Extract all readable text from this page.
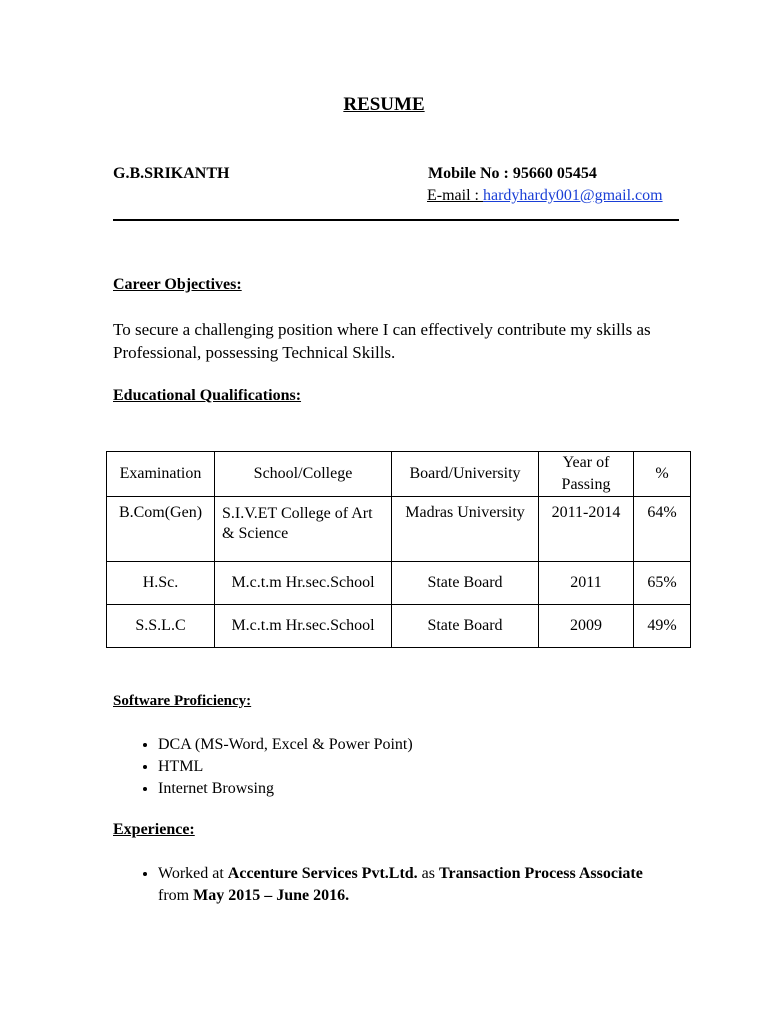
RESUME
G.B.SRIKANTH	Mobile No : 95660 05454
E-mail : hardyhardy001@gmail.com
Career Objectives:
To secure a challenging position where I can effectively contribute my skills as Professional, possessing Technical Skills.
Educational Qualifications:
Examination	School/College	Board/University	Year of Passing	%
B.Com(Gen)	S.I.V.ET College of Art & Science	Madras University	2011-2014	64%
H.Sc.	M.c.t.m Hr.sec.School	State Board	2011	65%
S.S.L.C	M.c.t.m Hr.sec.School	State Board	2009	49%
Software Proficiency:
• DCA (MS-Word, Excel & Power Point)
• HTML
• Internet Browsing
Experience:
• Worked at Accenture Services Pvt.Ltd. as Transaction Process Associate from May 2015 – June 2016.
